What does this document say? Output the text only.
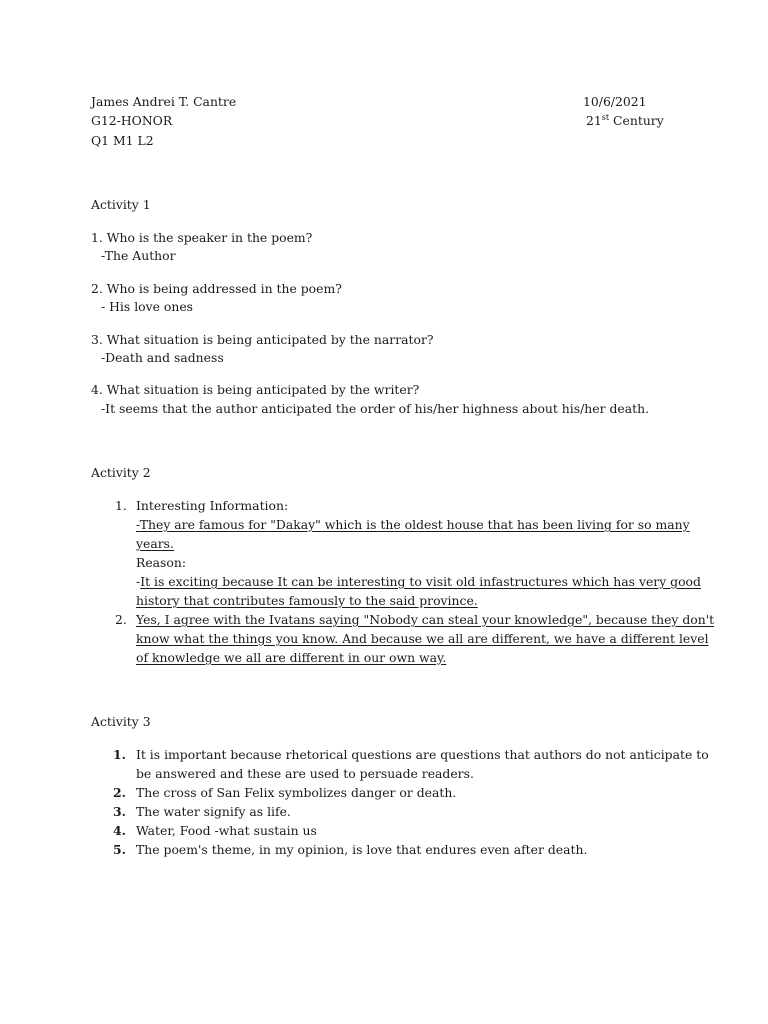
James Andrei T. Cantre
G12-HONOR
Q1 M1 L2
10/6/2021
21st Century
Activity 1
1. Who is the speaker in the poem?
-The Author
2. Who is being addressed in the poem?
- His love ones
3. What situation is being anticipated by the narrator?
-Death and sadness
4. What situation is being anticipated by the writer?
-It seems that the author anticipated the order of his/her highness about his/her death.
Activity 2
1. Interesting Information:
-They are famous for "Dakay" which is the oldest house that has been living for so many
years.
Reason:
-It is exciting because It can be interesting to visit old infastructures which has very good
history that contributes famously to the said province.
2. Yes, I agree with the Ivatans saying "Nobody can steal your knowledge", because they don't
know what the things you know. And because we all are different, we have a different level
of knowledge we all are different in our own way.
Activity 3
1. It is important because rhetorical questions are questions that authors do not anticipate to
be answered and these are used to persuade readers.
2. The cross of San Felix symbolizes danger or death.
3. The water signify as life.
4. Water, Food -what sustain us
5. The poem's theme, in my opinion, is love that endures even after death.
